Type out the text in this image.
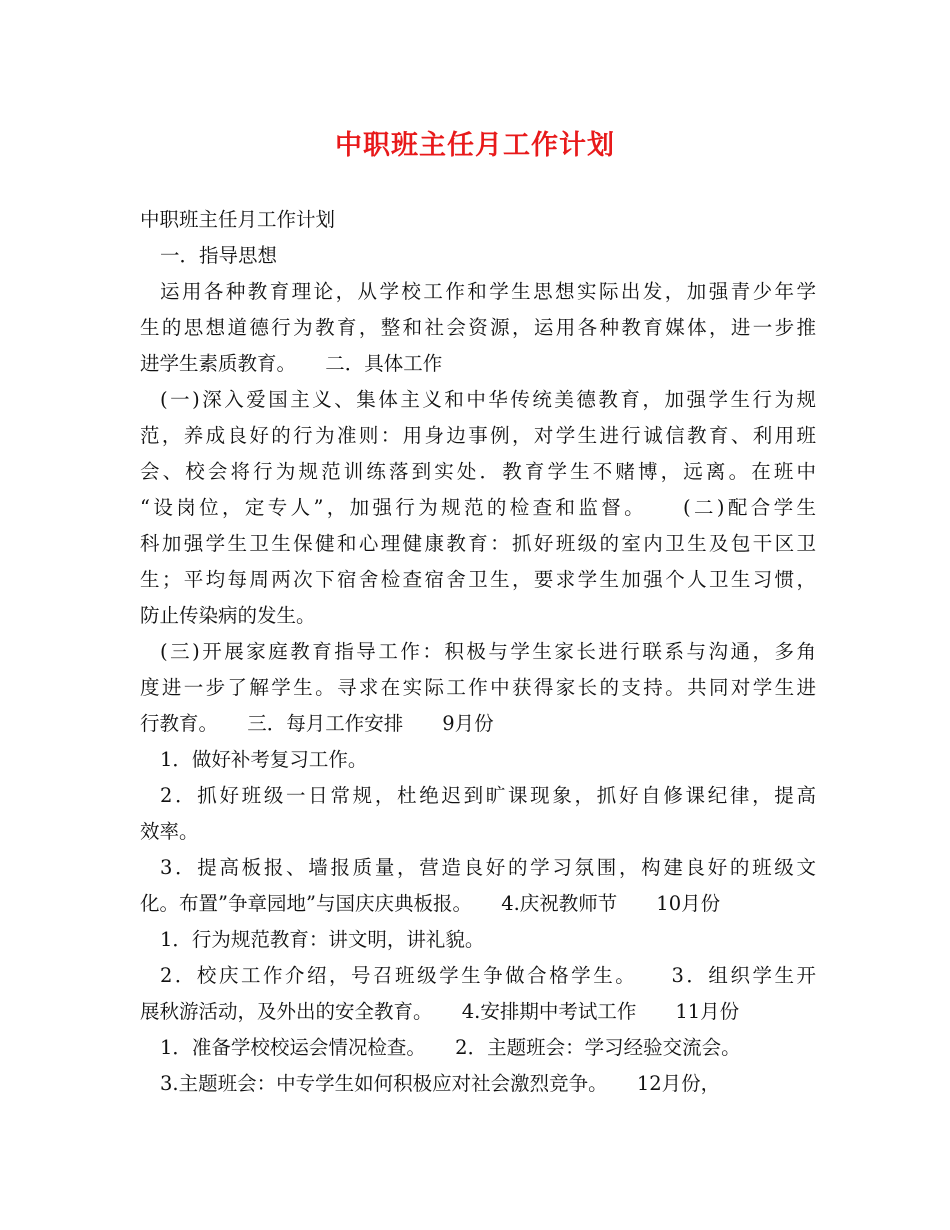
中职班主任月工作计划
中职班主任月工作计划
一．指导思想
运用各种教育理论，从学校工作和学生思想实际出发，加强青少年学
生的思想道德行为教育，整和社会资源，运用各种教育媒体，进一步推
进学生素质教育。　　二．具体工作
(一)深入爱国主义、集体主义和中华传统美德教育，加强学生行为规
范，养成良好的行为准则：用身边事例，对学生进行诚信教育、利用班
会、校会将行为规范训练落到实处．教育学生不赌博，远离。在班中
“设岗位，定专人”，加强行为规范的检查和监督。　　(二)配合学生
科加强学生卫生保健和心理健康教育：抓好班级的室内卫生及包干区卫
生；平均每周两次下宿舍检查宿舍卫生，要求学生加强个人卫生习惯，
防止传染病的发生。
(三)开展家庭教育指导工作：积极与学生家长进行联系与沟通，多角
度进一步了解学生。寻求在实际工作中获得家长的支持。共同对学生进
行教育。　　三．每月工作安排　　9月份
1．做好补考复习工作。
2．抓好班级一日常规，杜绝迟到旷课现象，抓好自修课纪律，提高
效率。
3．提高板报、墙报质量，营造良好的学习氛围，构建良好的班级文
化。布置”争章园地”与国庆庆典板报。　　4.庆祝教师节　　10月份
1．行为规范教育：讲文明，讲礼貌。
2．校庆工作介绍，号召班级学生争做合格学生。　　3．组织学生开
展秋游活动，及外出的安全教育。　　4.安排期中考试工作　　11月份
1．准备学校校运会情况检查。　　2．主题班会：学习经验交流会。
3.主题班会：中专学生如何积极应对社会激烈竞争。　　12月份，
